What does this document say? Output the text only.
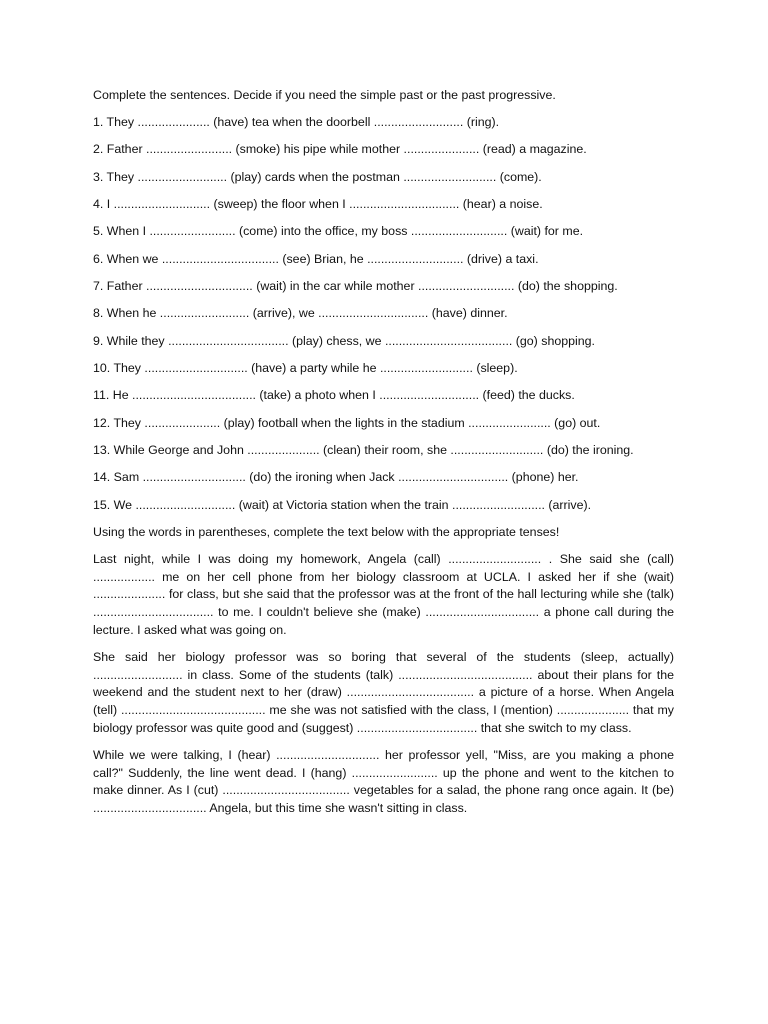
Complete the sentences. Decide if you need the simple past or the past progressive.

1. They ..................... (have) tea when the doorbell .......................... (ring).
2. Father ......................... (smoke) his pipe while mother ...................... (read) a magazine.
3. They .......................... (play) cards when the postman ........................... (come).
4. I ............................ (sweep) the floor when I ................................ (hear) a noise.
5. When I ......................... (come) into the office, my boss ............................ (wait) for me.
6. When we .................................. (see) Brian, he ............................ (drive) a taxi.
7. Father ............................... (wait) in the car while mother ............................ (do) the shopping.
8. When he .......................... (arrive), we ................................ (have) dinner.
9. While they ................................... (play) chess, we ..................................... (go) shopping.
10. They .............................. (have) a party while he ........................... (sleep).
11. He .................................... (take) a photo when I ............................. (feed) the ducks.
12. They ...................... (play) football when the lights in the stadium ........................ (go) out.
13. While George and John ..................... (clean) their room, she ........................... (do) the ironing.
14. Sam .............................. (do) the ironing when Jack ................................ (phone) her.
15. We ............................. (wait) at Victoria station when the train ........................... (arrive).

Using the words in parentheses, complete the text below with the appropriate tenses!

Last night, while I was doing my homework, Angela (call) ........................... . She said she (call) .................. me on her cell phone from her biology classroom at UCLA. I asked her if she (wait) ..................... for class, but she said that the professor was at the front of the hall lecturing while she (talk) ................................... to me. I couldn't believe she (make) ................................. a phone call during the lecture. I asked what was going on.

She said her biology professor was so boring that several of the students (sleep, actually) .......................... in class. Some of the students (talk) ....................................... about their plans for the weekend and the student next to her (draw) ..................................... a picture of a horse. When Angela (tell) .......................................... me she was not satisfied with the class, I (mention) ..................... that my biology professor was quite good and (suggest) ................................... that she switch to my class.

While we were talking, I (hear) .............................. her professor yell, "Miss, are you making a phone call?" Suddenly, the line went dead. I (hang) ......................... up the phone and went to the kitchen to make dinner. As I (cut) ..................................... vegetables for a salad, the phone rang once again. It (be) ................................. Angela, but this time she wasn't sitting in class.
